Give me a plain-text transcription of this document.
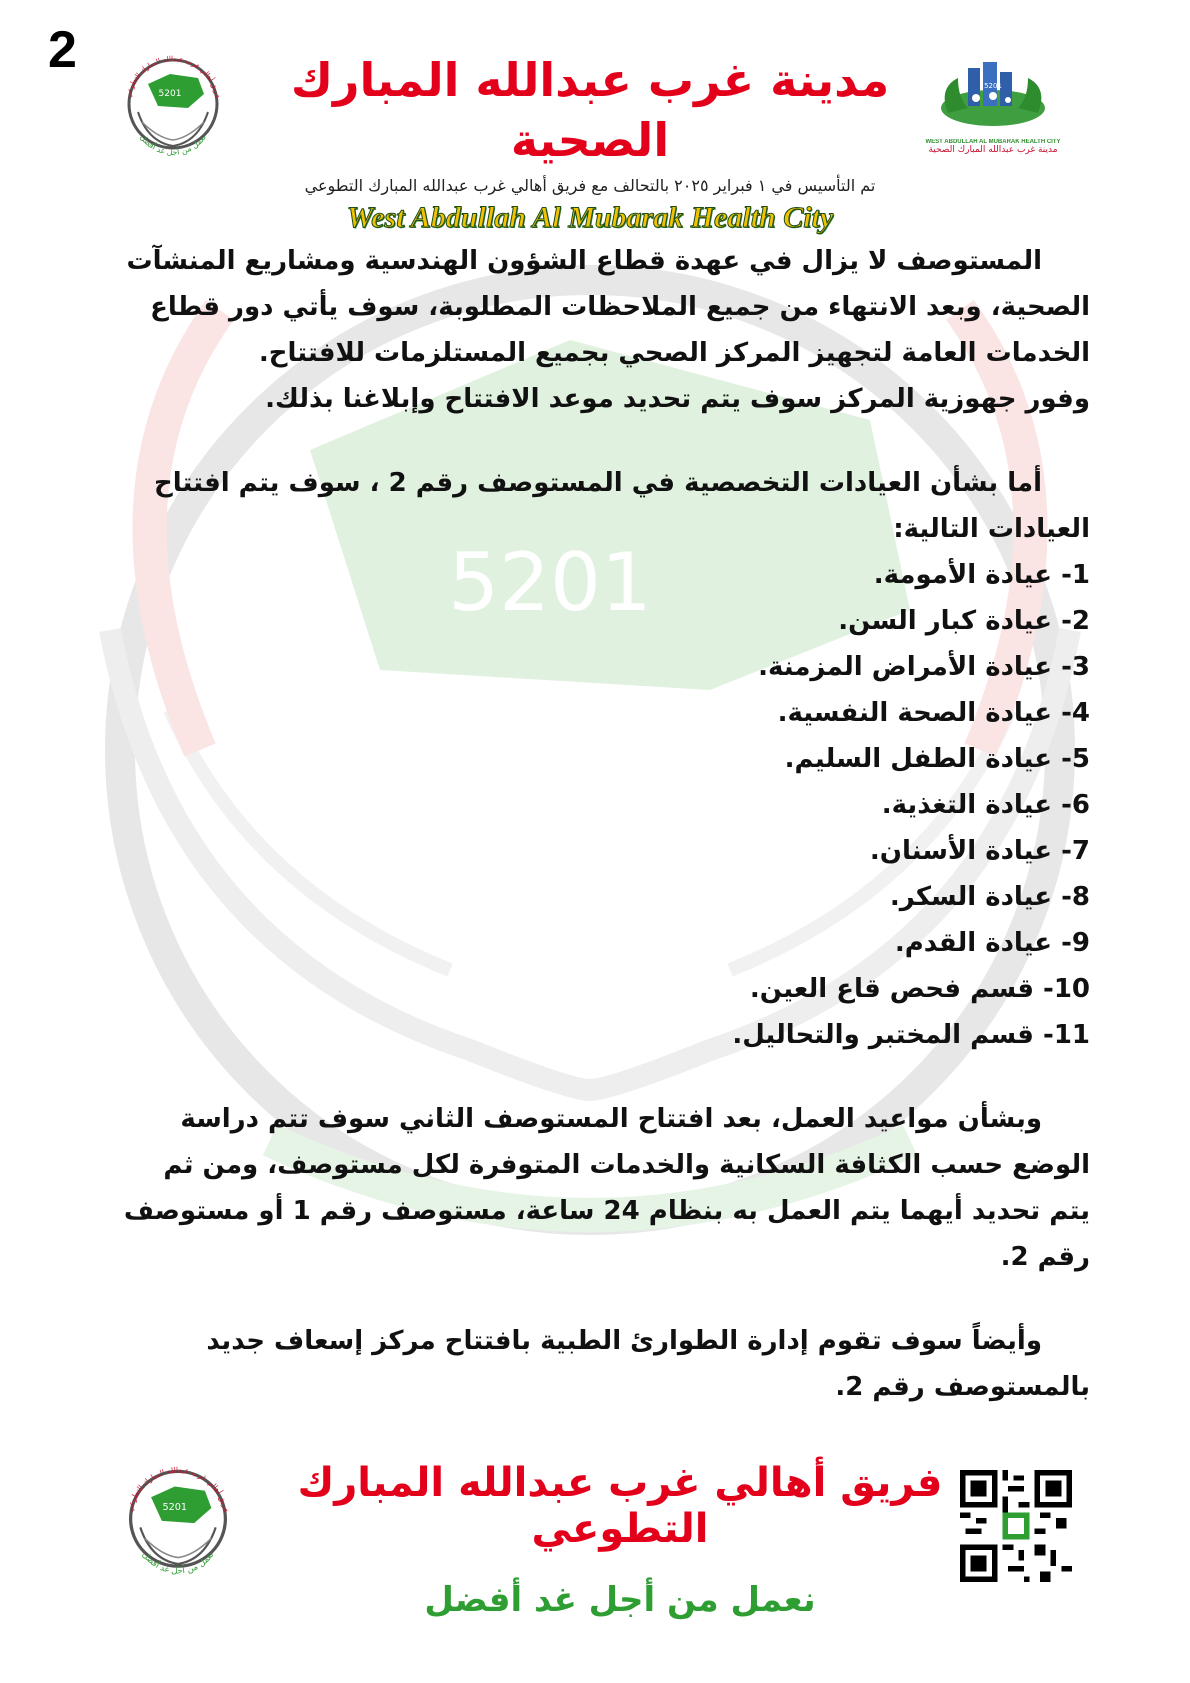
2
5201
فريق أهالي غرب عبدالله المبارك التطوعي
نعمل من أجل غد أفضل
مدينة غرب عبدالله المبارك الصحية
تم التأسيس في ١ فبراير ٢٠٢٥ بالتحالف مع فريق أهالي غرب عبدالله المبارك التطوعي
West Abdullah Al Mubarak Health City
5201
WEST ABDULLAH AL MUBARAK HEALTH CITY
مدينة غرب عبدالله المبارك الصحية
5201

المستوصف لا يزال في عهدة قطاع الشؤون الهندسية ومشاريع المنشآت الصحية، وبعد الانتهاء من جميع الملاحظات المطلوبة، سوف يأتي دور قطاع الخدمات العامة لتجهيز المركز الصحي بجميع المستلزمات للافتتاح.

وفور جهوزية المركز سوف يتم تحديد موعد الافتتاح وإبلاغنا بذلك.

أما بشأن العيادات التخصصية في المستوصف رقم 2 ، سوف يتم افتتاح العيادات التالية:

1- عيادة الأمومة.
2- عيادة كبار السن.
3- عيادة الأمراض المزمنة.
4- عيادة الصحة النفسية.
5- عيادة الطفل السليم.
6- عيادة التغذية.
7- عيادة الأسنان.
8- عيادة السكر.
9- عيادة القدم.
10- قسم فحص قاع العين.
11- قسم المختبر والتحاليل.

وبشأن مواعيد العمل، بعد افتتاح المستوصف الثاني سوف تتم دراسة الوضع حسب الكثافة السكانية والخدمات المتوفرة لكل مستوصف، ومن ثم يتم تحديد أيهما يتم العمل به بنظام 24 ساعة، مستوصف رقم 1 أو مستوصف رقم 2.

وأيضاً سوف تقوم إدارة الطوارئ الطبية بافتتاح مركز إسعاف جديد بالمستوصف رقم 2.

5201
فريق أهالي غرب عبدالله المبارك التطوعي
نعمل من أجل غد أفضل
فريق أهالي غرب عبدالله المبارك التطوعي
نعمل من أجل غد أفضل
